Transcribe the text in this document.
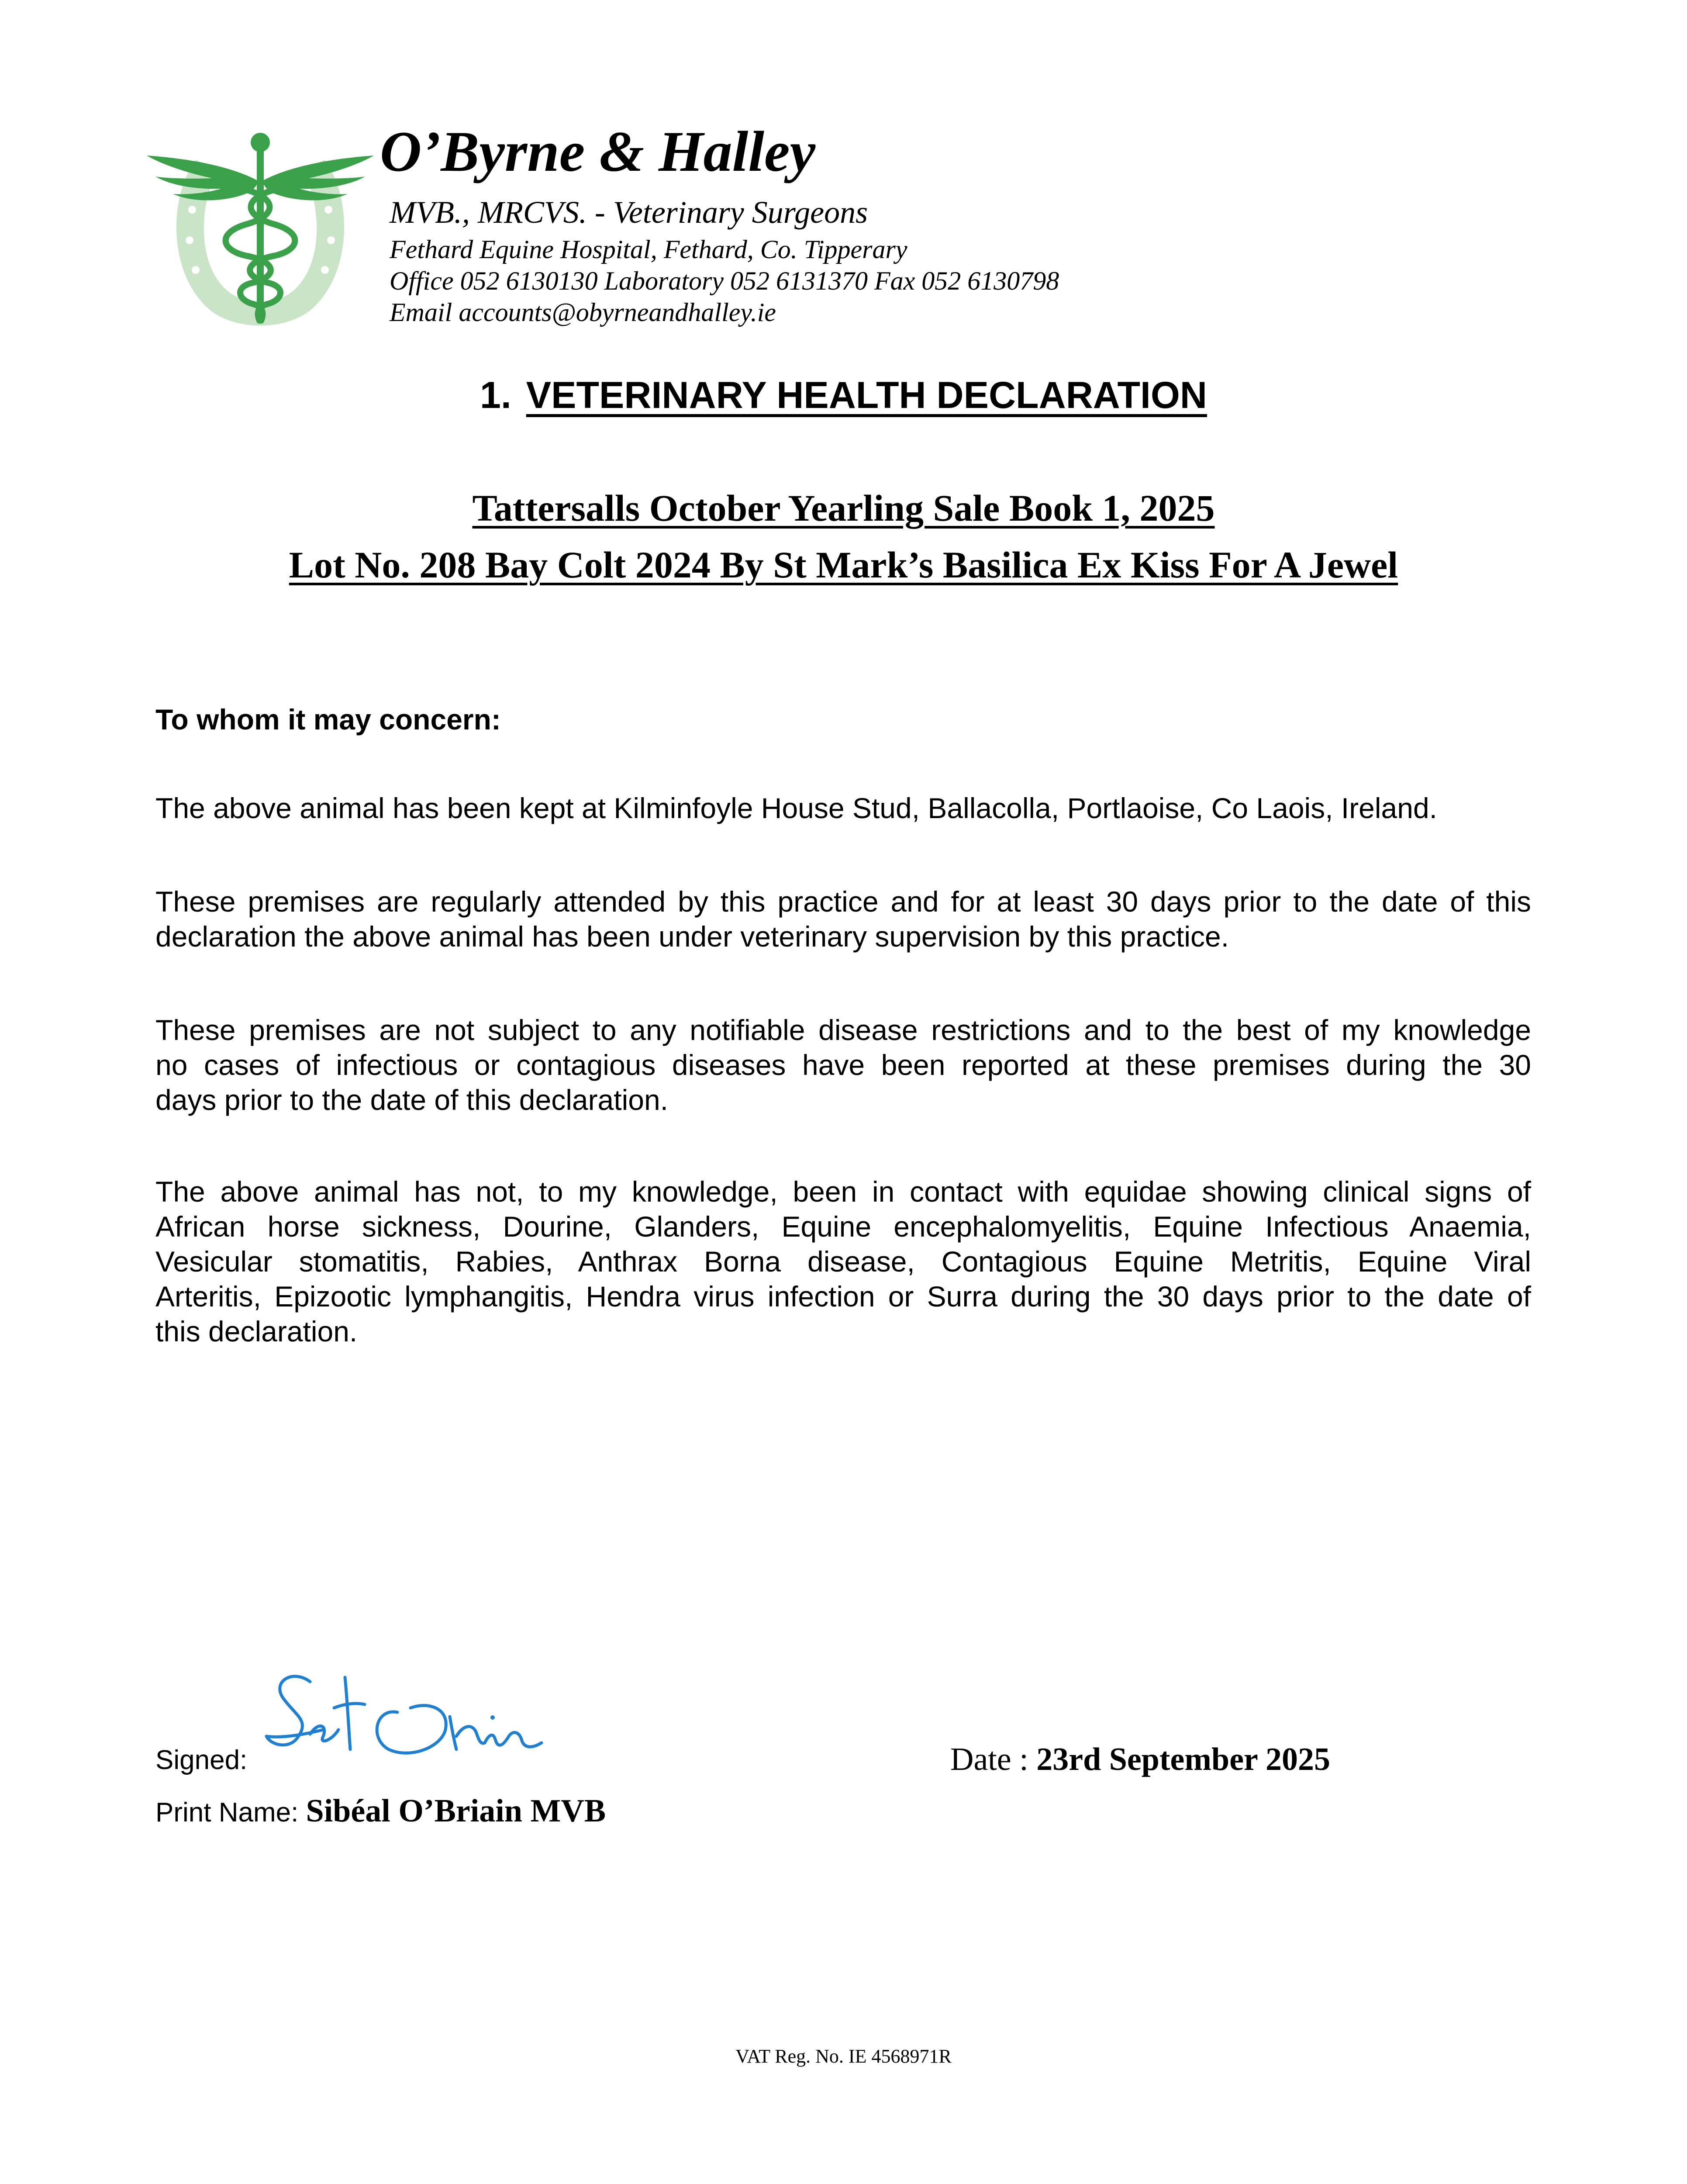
O’Byrne & Halley
MVB., MRCVS. - Veterinary Surgeons
Fethard Equine Hospital, Fethard, Co. Tipperary
Office 052 6130130 Laboratory 052 6131370 Fax 052 6130798
Email accounts@obyrneandhalley.ie
1. VETERINARY HEALTH DECLARATION
Tattersalls October Yearling Sale Book 1, 2025
Lot No. 208 Bay Colt 2024 By St Mark’s Basilica Ex Kiss For A Jewel
To whom it may concern:
The above animal has been kept at Kilminfoyle House Stud, Ballacolla, Portlaoise, Co Laois, Ireland.
These premises are regularly attended by this practice and for at least 30 days prior to the date of this
declaration the above animal has been under veterinary supervision by this practice.
These premises are not subject to any notifiable disease restrictions and to the best of my knowledge
no cases of infectious or contagious diseases have been reported at these premises during the 30
days prior to the date of this declaration.
The above animal has not, to my knowledge, been in contact with equidae showing clinical signs of
African horse sickness, Dourine, Glanders, Equine encephalomyelitis, Equine Infectious Anaemia,
Vesicular stomatitis, Rabies, Anthrax Borna disease, Contagious Equine Metritis, Equine Viral
Arteritis, Epizootic lymphangitis, Hendra virus infection or Surra during the 30 days prior to the date of
this declaration.
Signed:	Date : 23rd September 2025
Print Name: Sibéal O’Briain MVB
VAT Reg. No. IE 4568971R
